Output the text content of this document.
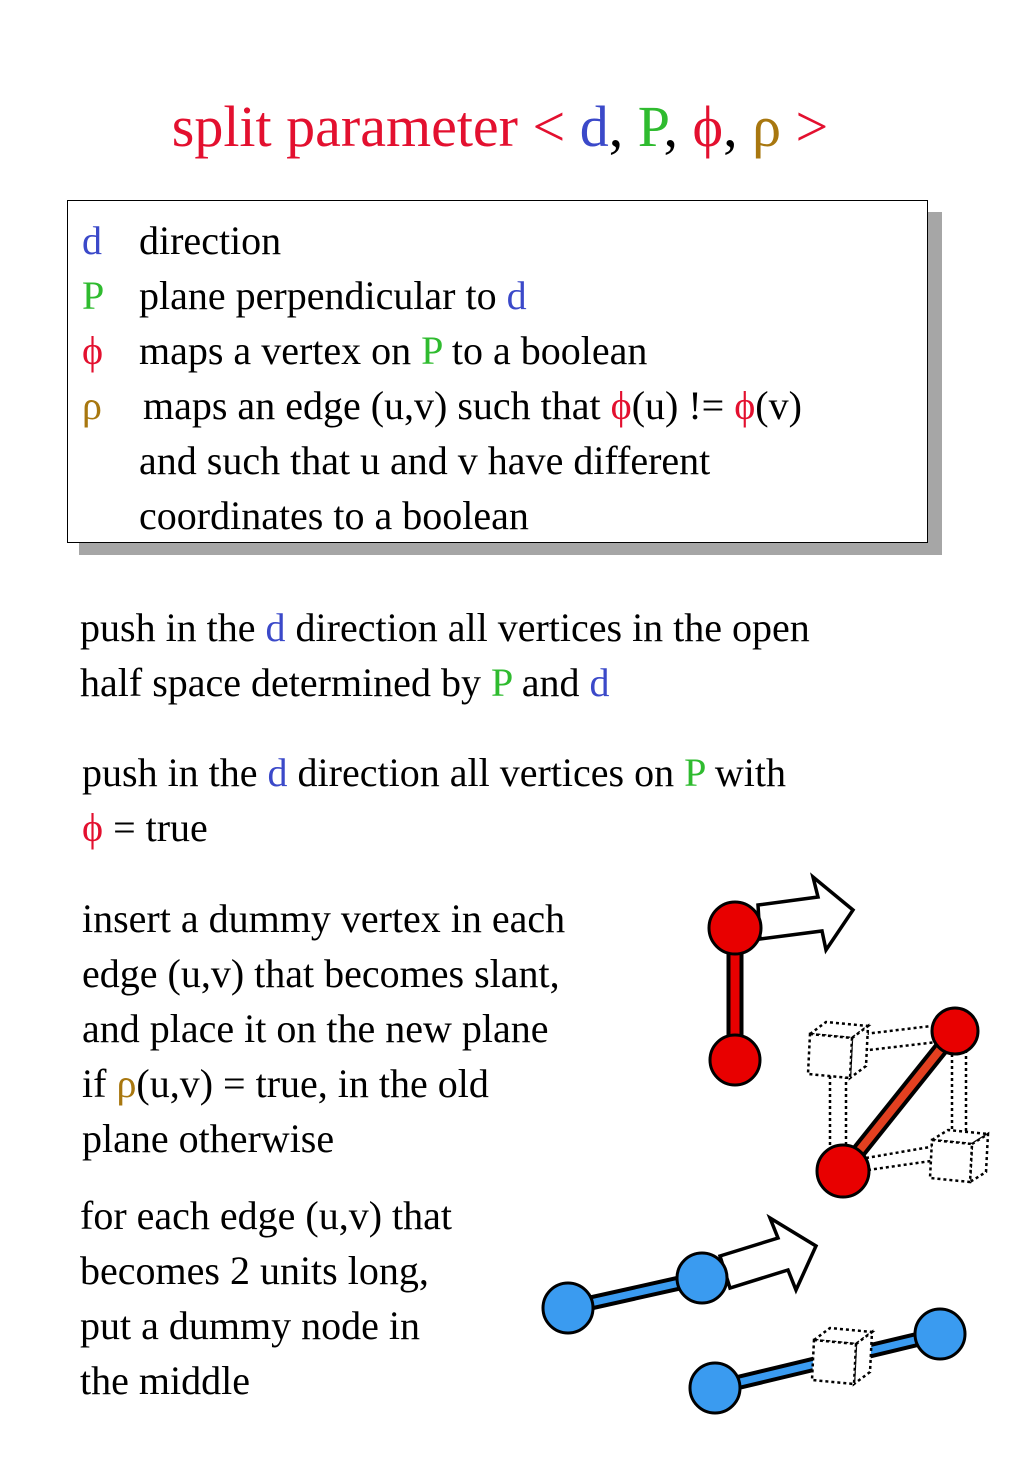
split parameter < d, P, ϕ, ρ >
d direction
P plane perpendicular to d
ϕ maps a vertex on P to a boolean
ρ maps an edge (u,v) such that ϕ(u) != ϕ(v)
and such that u and v have different
coordinates to a boolean
push in the d direction all vertices in the open
half space determined by P and d
push in the d direction all vertices on P with
ϕ = true
insert a dummy vertex in each
edge (u,v) that becomes slant,
and place it on the new plane
if ρ(u,v) = true, in the old
plane otherwise
for each edge (u,v) that
becomes 2 units long,
put a dummy node in
the middle
